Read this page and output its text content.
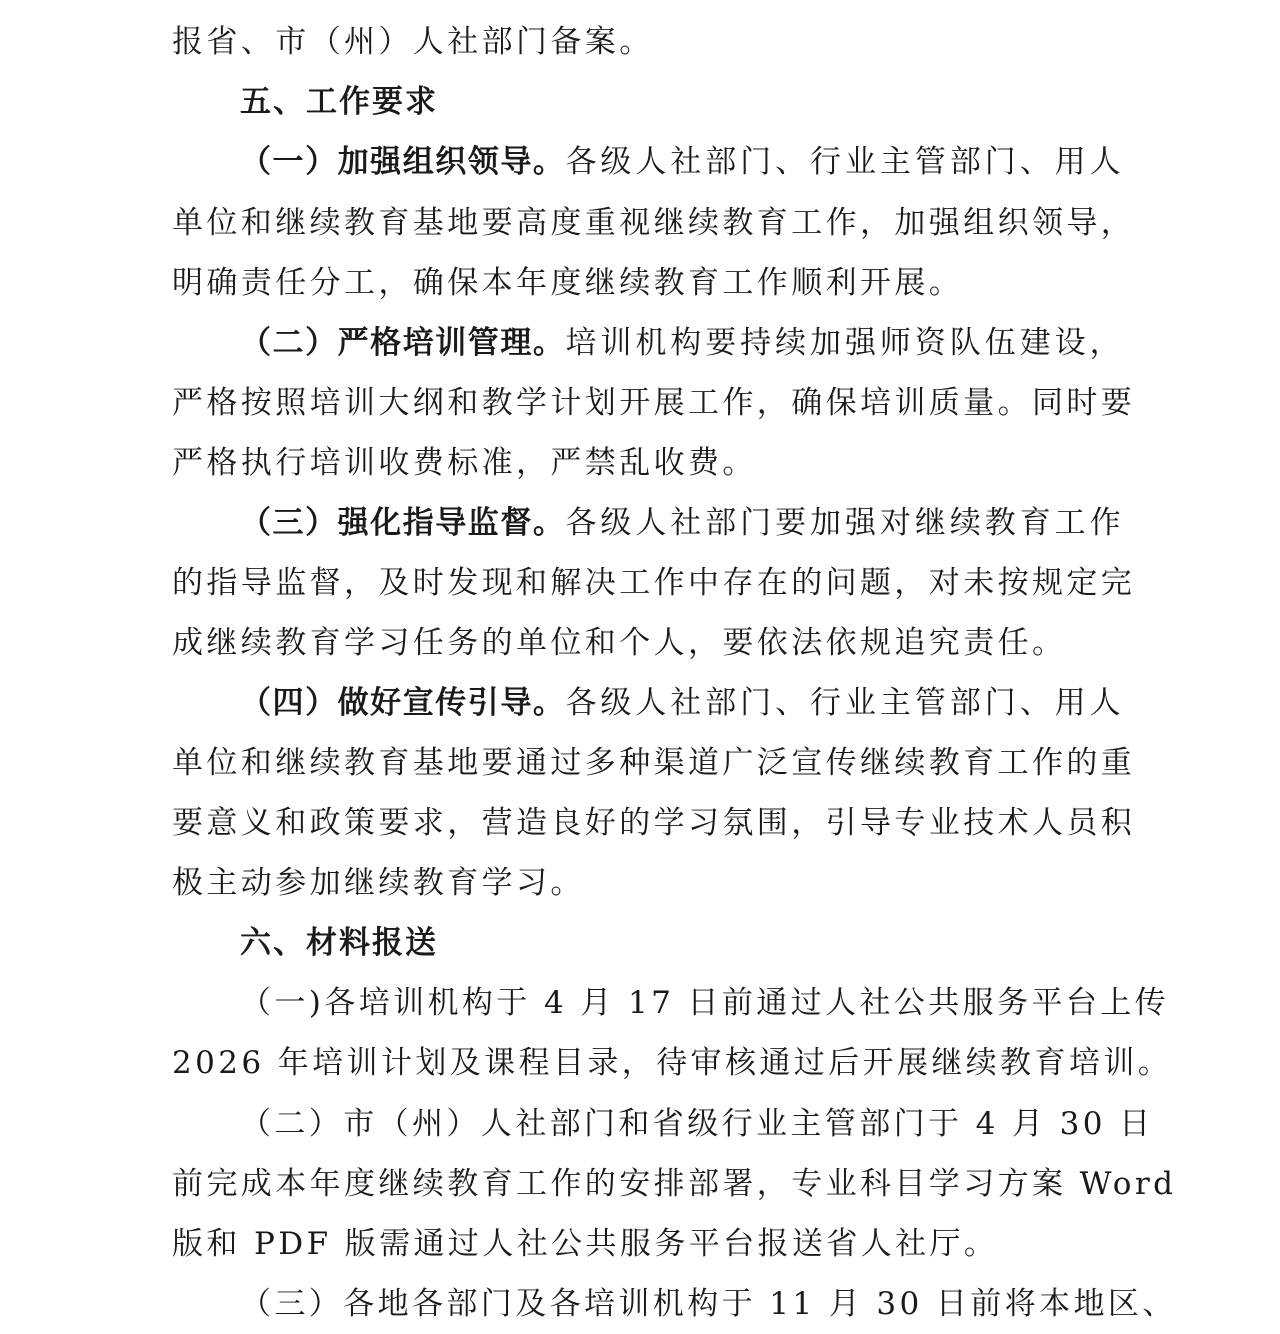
报省、市（州）人社部门备案。
五、工作要求
（一）加强组织领导。各级人社部门、行业主管部门、用人
单位和继续教育基地要高度重视继续教育工作，加强组织领导，
明确责任分工，确保本年度继续教育工作顺利开展。
（二）严格培训管理。培训机构要持续加强师资队伍建设，
严格按照培训大纲和教学计划开展工作，确保培训质量。同时要
严格执行培训收费标准，严禁乱收费。
（三）强化指导监督。各级人社部门要加强对继续教育工作
的指导监督，及时发现和解决工作中存在的问题，对未按规定完
成继续教育学习任务的单位和个人，要依法依规追究责任。
（四）做好宣传引导。各级人社部门、行业主管部门、用人
单位和继续教育基地要通过多种渠道广泛宣传继续教育工作的重
要意义和政策要求，营造良好的学习氛围，引导专业技术人员积
极主动参加继续教育学习。
六、材料报送
（一)各培训机构于 4 月 17 日前通过人社公共服务平台上传
2026 年培训计划及课程目录，待审核通过后开展继续教育培训。
（二）市（州）人社部门和省级行业主管部门于 4 月 30 日
前完成本年度继续教育工作的安排部署，专业科目学习方案 Word
版和 PDF 版需通过人社公共服务平台报送省人社厅。
（三）各地各部门及各培训机构于 11 月 30 日前将本地区、
